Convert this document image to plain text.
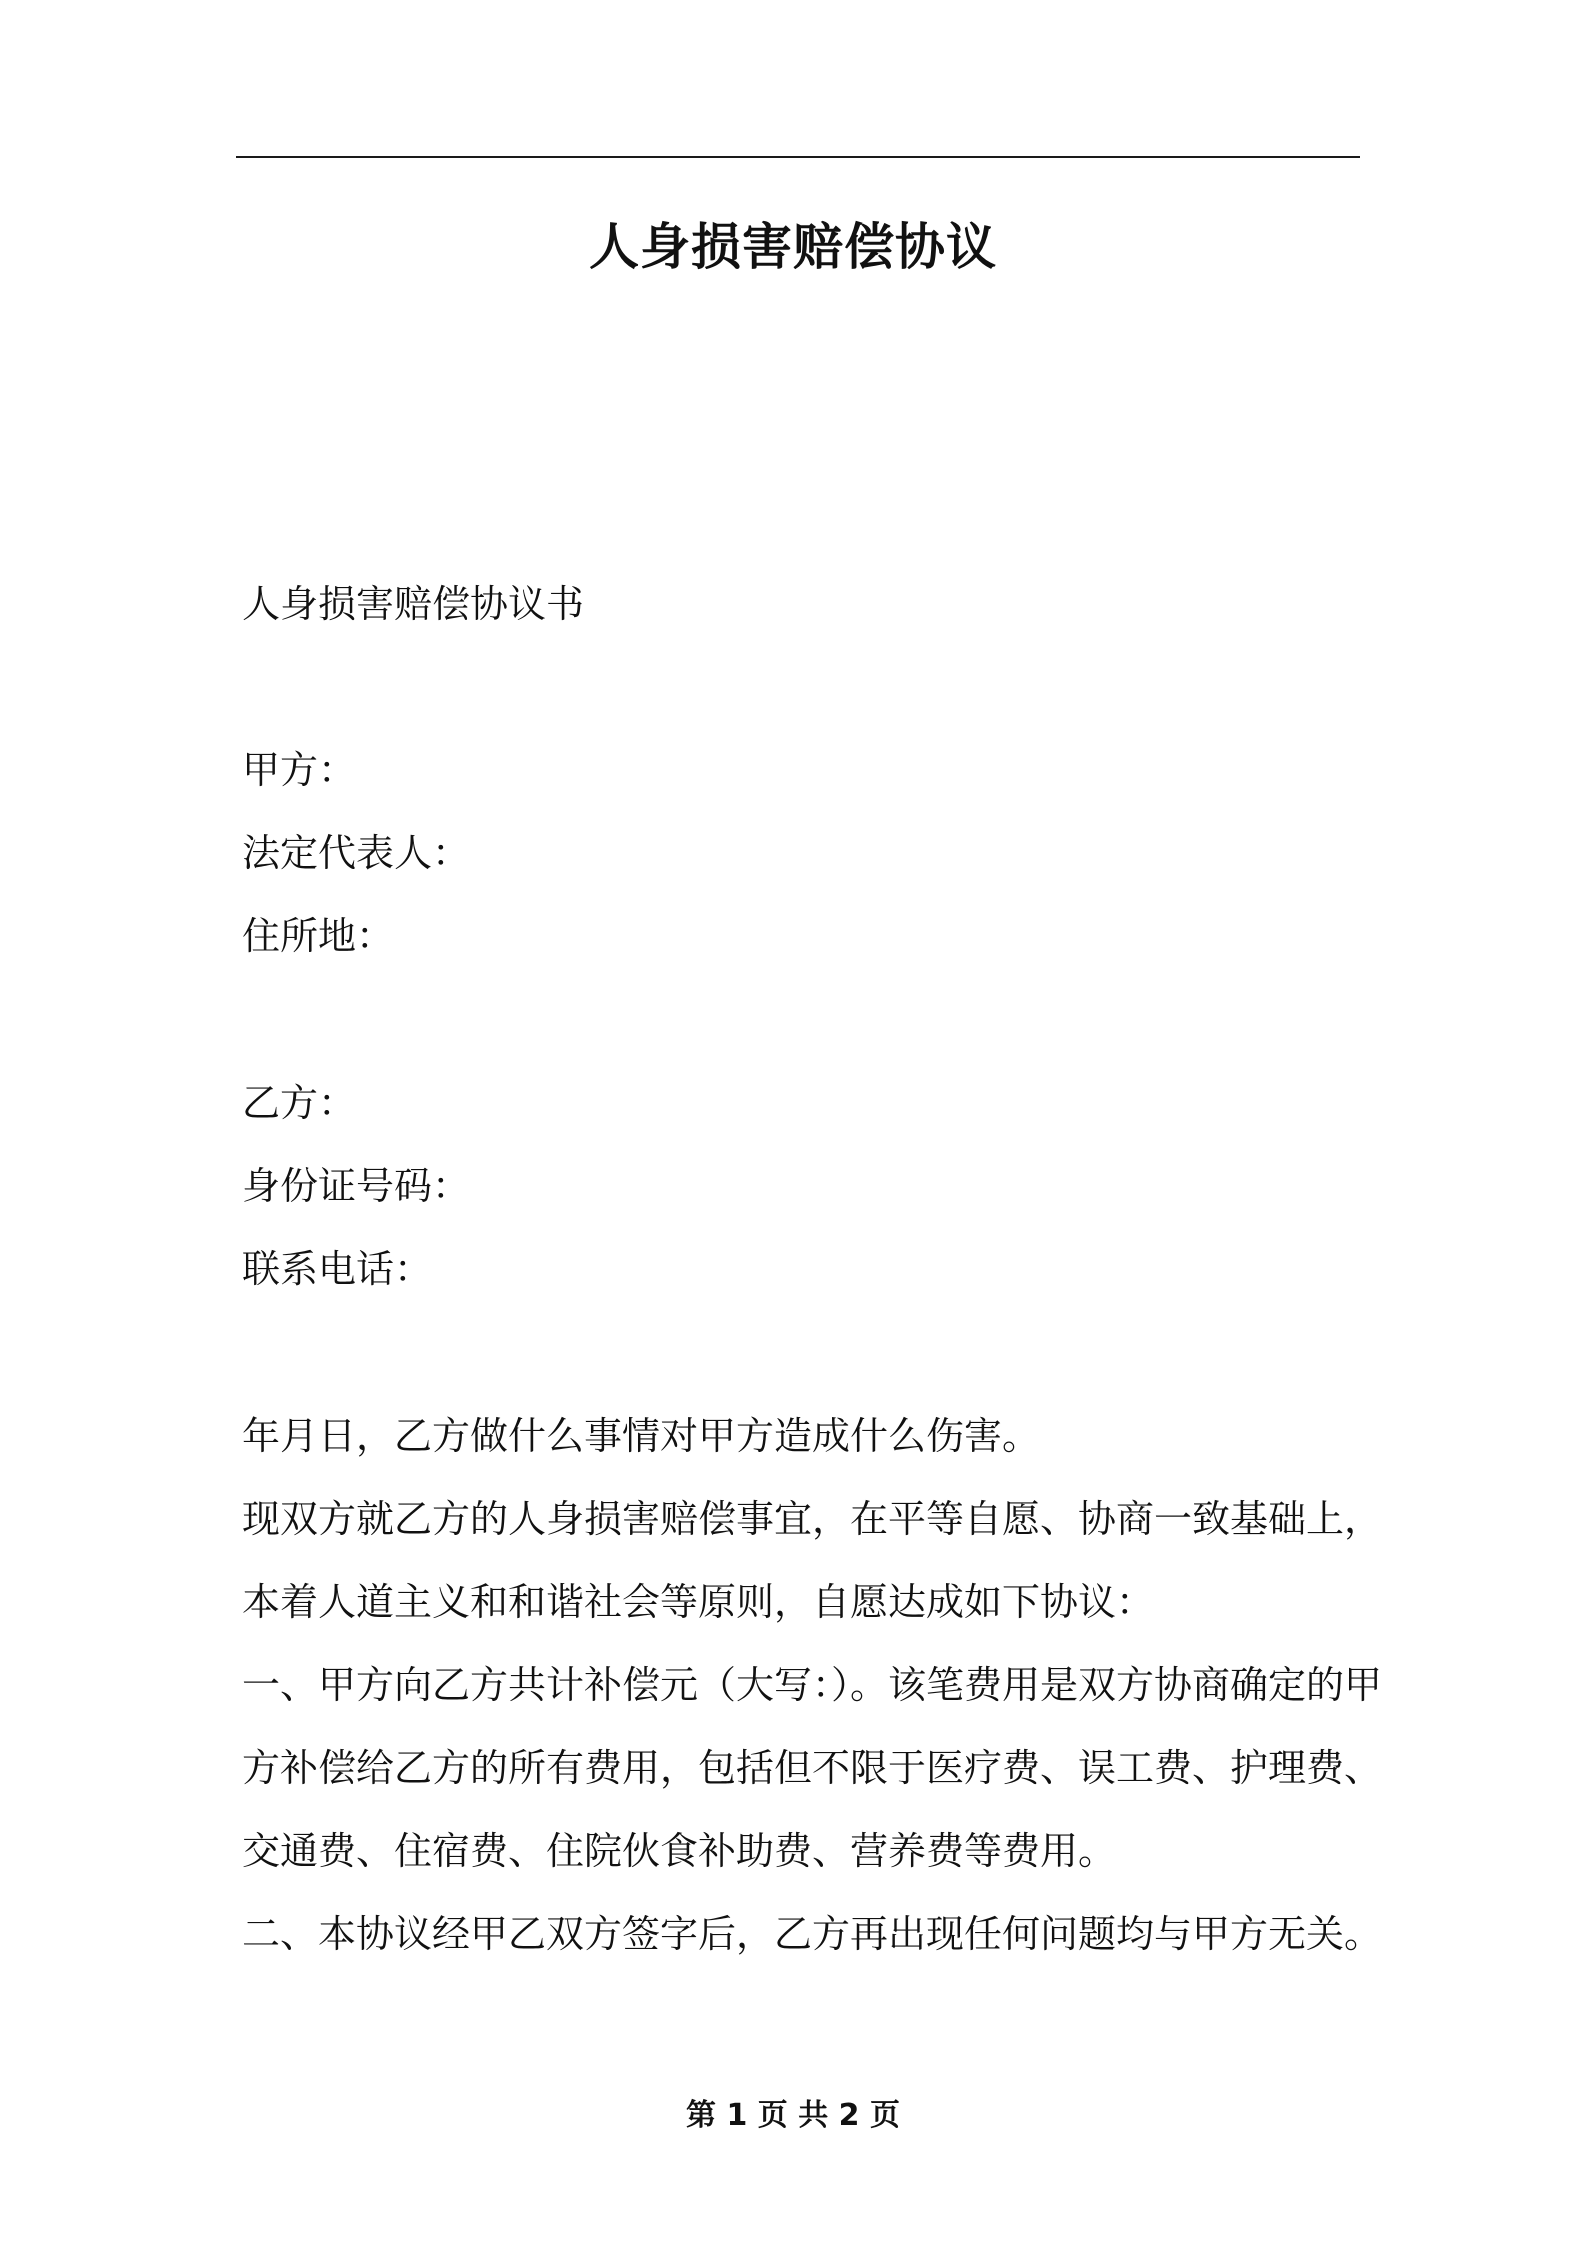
人身损害赔偿协议
人身损害赔偿协议书
甲方：
法定代表人：
住所地：
乙方：
身份证号码：
联系电话：
年月日，乙方做什么事情对甲方造成什么伤害。
现双方就乙方的人身损害赔偿事宜，在平等自愿、协商一致基础上，
本着人道主义和和谐社会等原则，自愿达成如下协议：
一、甲方向乙方共计补偿元（大写：）。该笔费用是双方协商确定的甲
方补偿给乙方的所有费用，包括但不限于医疗费、误工费、护理费、
交通费、住宿费、住院伙食补助费、营养费等费用。
二、本协议经甲乙双方签字后，乙方再出现任何问题均与甲方无关。
第 1 页 共 2 页
